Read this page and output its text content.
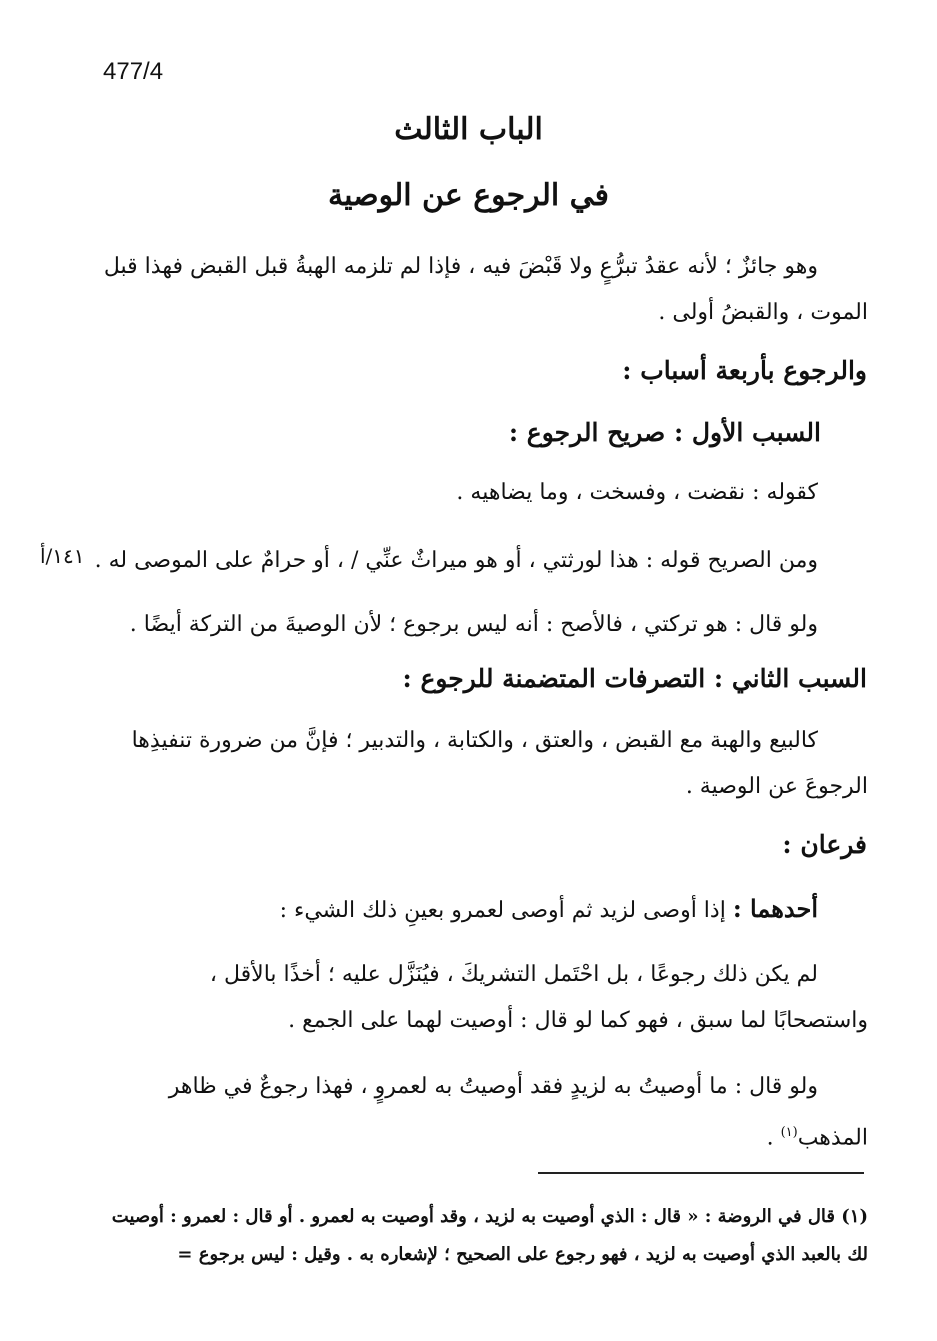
477/4
الباب الثالث
في الرجوع عن الوصية
وهو جائزٌ ؛ لأنه عقدُ تبرُّعٍ ولا قَبْضَ فيه ، فإذا لم تلزمه الهبةُ قبل القبض فهذا قبل
الموت ، والقبضُ أولى .
والرجوع بأربعة أسباب :
السبب الأول : صريح الرجوع :
كقوله : نقضت ، وفسخت ، وما يضاهيه .
ومن الصريح قوله : هذا لورثتي ، أو هو ميراثٌ عنِّي / ، أو حرامٌ على الموصى له .
١٤١/أ
ولو قال : هو تركتي ، فالأصح : أنه ليس برجوع ؛ لأن الوصيةَ من التركة أيضًا .
السبب الثاني : التصرفات المتضمنة للرجوع :
كالبيع والهبة مع القبض ، والعتق ، والكتابة ، والتدبير ؛ فإنَّ من ضرورة تنفيذِها
الرجوعَ عن الوصية .
فرعان :
أحدهما : إذا أوصى لزيد ثم أوصى لعمرو بعينِ ذلك الشيء :
لم يكن ذلك رجوعًا ، بل احْتَمل التشريكَ ، فيُنَزَّل عليه ؛ أخذًا بالأقل ،
واستصحابًا لما سبق ، فهو كما لو قال : أوصيت لهما على الجمع .
ولو قال : ما أوصيتُ به لزيدٍ فقد أوصيتُ به لعمروٍ ، فهذا رجوعٌ في ظاهر
المذهب$^{(١)}$ .
(١) قال في الروضة : « قال : الذي أوصيت به لزيد ، وقد أوصيت به لعمرو . أو قال : لعمرو : أوصيت
لك بالعبد الذي أوصيت به لزيد ، فهو رجوع على الصحيح ؛ لإشعاره به . وقيل : ليس برجوع =
